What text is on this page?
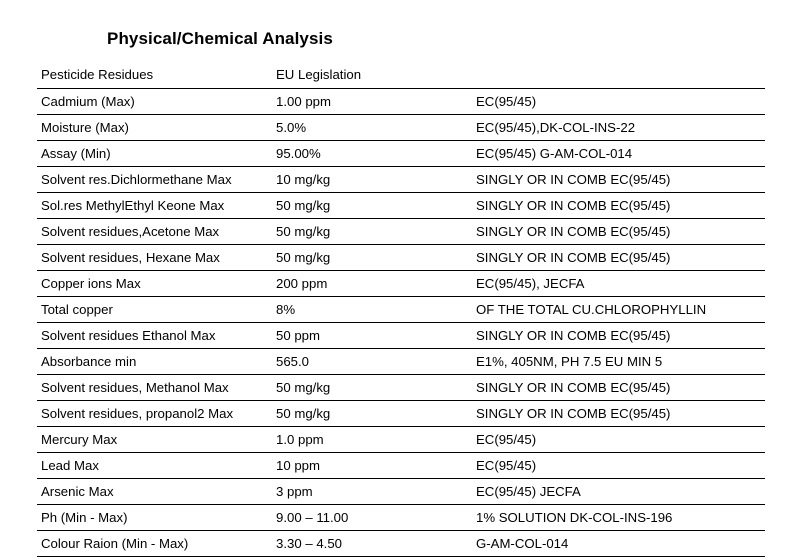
Physical/Chemical Analysis
Pesticide Residues	EU Legislation	
Cadmium (Max)	1.00 ppm	EC(95/45)
Moisture (Max)	5.0%	EC(95/45),DK-COL-INS-22
Assay (Min)	95.00%	EC(95/45) G-AM-COL-014
Solvent res.Dichlormethane Max	10 mg/kg	SINGLY OR IN COMB EC(95/45)
Sol.res MethylEthyl Keone Max	50 mg/kg	SINGLY OR IN COMB EC(95/45)
Solvent residues,Acetone Max	50 mg/kg	SINGLY OR IN COMB EC(95/45)
Solvent residues, Hexane Max	50 mg/kg	SINGLY OR IN COMB EC(95/45)
Copper ions Max	200 ppm	EC(95/45), JECFA
Total copper	8%	OF THE TOTAL CU.CHLOROPHYLLIN
Solvent residues Ethanol Max	50 ppm	SINGLY OR IN COMB EC(95/45)
Absorbance min	565.0	E1%, 405NM, PH 7.5 EU MIN 5
Solvent residues, Methanol Max	50 mg/kg	SINGLY OR IN COMB EC(95/45)
Solvent residues, propanol2 Max	50 mg/kg	SINGLY OR IN COMB EC(95/45)
Mercury Max	1.0 ppm	EC(95/45)
Lead Max	10 ppm	EC(95/45)
Arsenic Max	3 ppm	EC(95/45) JECFA
Ph (Min - Max)	9.00 – 11.00	1% SOLUTION DK-COL-INS-196
Colour Raion (Min - Max)	3.30 – 4.50	G-AM-COL-014
